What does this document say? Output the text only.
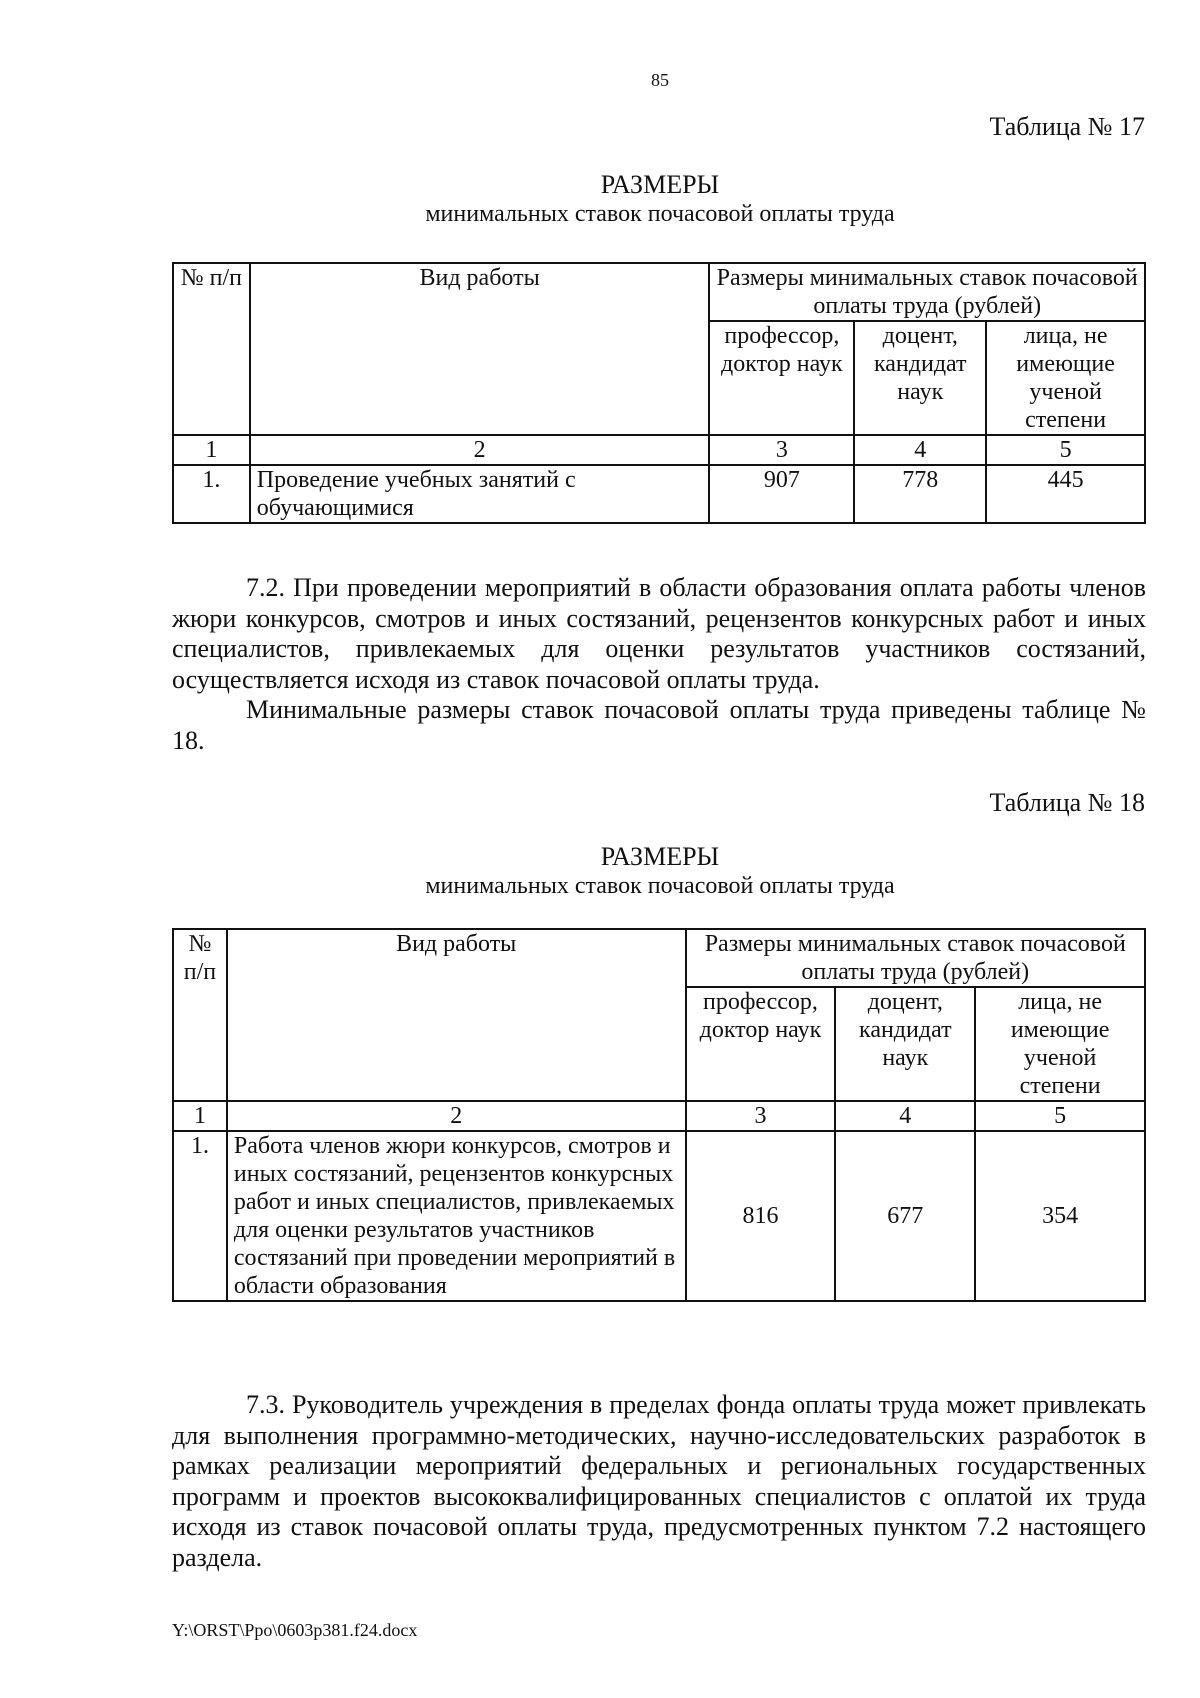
85
Таблица № 17
РАЗМЕРЫ
минимальных ставок почасовой оплаты труда
№ п/п	Вид работы	Размеры минимальных ставок почасовой оплаты труда (рублей)		
		профессор, доктор наук	доцент, кандидат наук	лица, не имеющие ученой степени
1	2	3	4	5
1.	Проведение учебных занятий с обучающимися	907	778	445
7.2. При проведении мероприятий в области образования оплата работы членов жюри конкурсов, смотров и иных состязаний, рецензентов конкурсных работ и иных специалистов, привлекаемых для оценки результатов участников состязаний, осуществляется исходя из ставок почасовой оплаты труда.
Минимальные размеры ставок почасовой оплаты труда приведены таблице № 18.
Таблица № 18
РАЗМЕРЫ
минимальных ставок почасовой оплаты труда
№ п/п	Вид работы	Размеры минимальных ставок почасовой оплаты труда (рублей)		
		профессор, доктор наук	доцент, кандидат наук	лица, не имеющие ученой степени
1	2	3	4	5
1.	Работа членов жюри конкурсов, смотров и иных состязаний, рецензентов конкурсных работ и иных специалистов, привлекаемых для оценки результатов участников состязаний при проведении мероприятий в области образования	816	677	354
7.3. Руководитель учреждения в пределах фонда оплаты труда может привлекать для выполнения программно-методических, научно-исследовательских разработок в рамках реализации мероприятий федеральных и региональных государственных программ и проектов высококвалифицированных специалистов с оплатой их труда исходя из ставок почасовой оплаты труда, предусмотренных пунктом 7.2 настоящего раздела.
Y:\ORST\Ppo\0603p381.f24.docx
